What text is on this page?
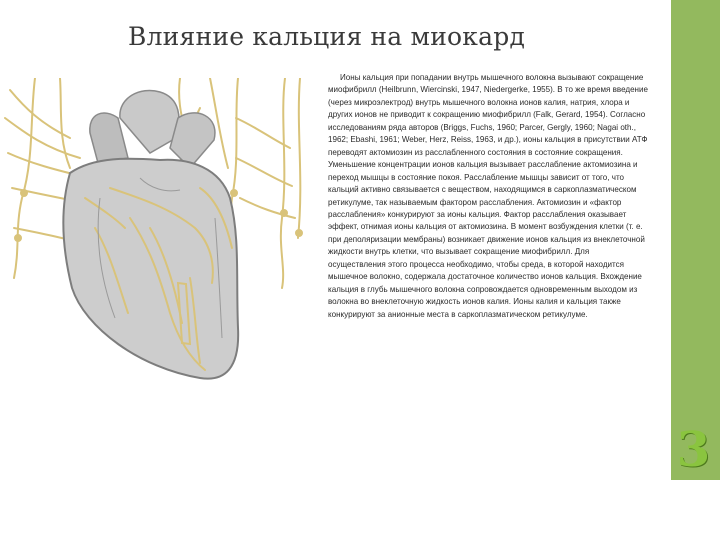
Влияние кальция на миокард

Ионы кальция при попадании внутрь мышечного волокна вызывают сокращение миофибрилл (Heilbrunn, Wiercinski, 1947, Niedergerke, 1955). В то же время введение (через микроэлектрод) внутрь мышечного волокна ионов калия, натрия, хлора и других ионов не приводит к сокращению миофибрилл (Falk, Gerard, 1954). Согласно исследованиям ряда авторов (Briggs, Fuchs, 1960; Parcer, Gergly, 1960; Nagai oth., 1962; Ebashi, 1961; Weber, Herz, Reiss, 1963, и др.), ионы кальция в присутствии АТФ переводят актомиозин из расслабленного состояния в состояние сокращения. Уменьшение концентрации ионов кальция вызывает расслабление актомиозина и переход мышцы в состояние покоя. Расслабление мышцы зависит от того, что кальций активно связывается с веществом, находящимся в саркоплазматическом ретикулуме, так называемым фактором расслабления. Актомиозин и «фактор расслабления» конкурируют за ионы кальция. Фактор расслабления оказывает эффект, отнимая ионы кальция от актомиозина. В момент возбуждения клетки (т. е. при деполяризации мембраны) возникает движение ионов кальция из внеклеточной жидкости внутрь клетки, что вызывает сокращение миофибрилл. Для осуществления этого процесса необходимо, чтобы среда, в которой находится мышечное волокно, содержала достаточное количество ионов кальция. Вхождение кальция в глубь мышечного волокна сопровождается одновременным выходом из волокна во внеклеточную жидкость ионов калия. Ионы калия и кальция также конкурируют за анионные места в саркоплазматическом ретикулуме.

3
